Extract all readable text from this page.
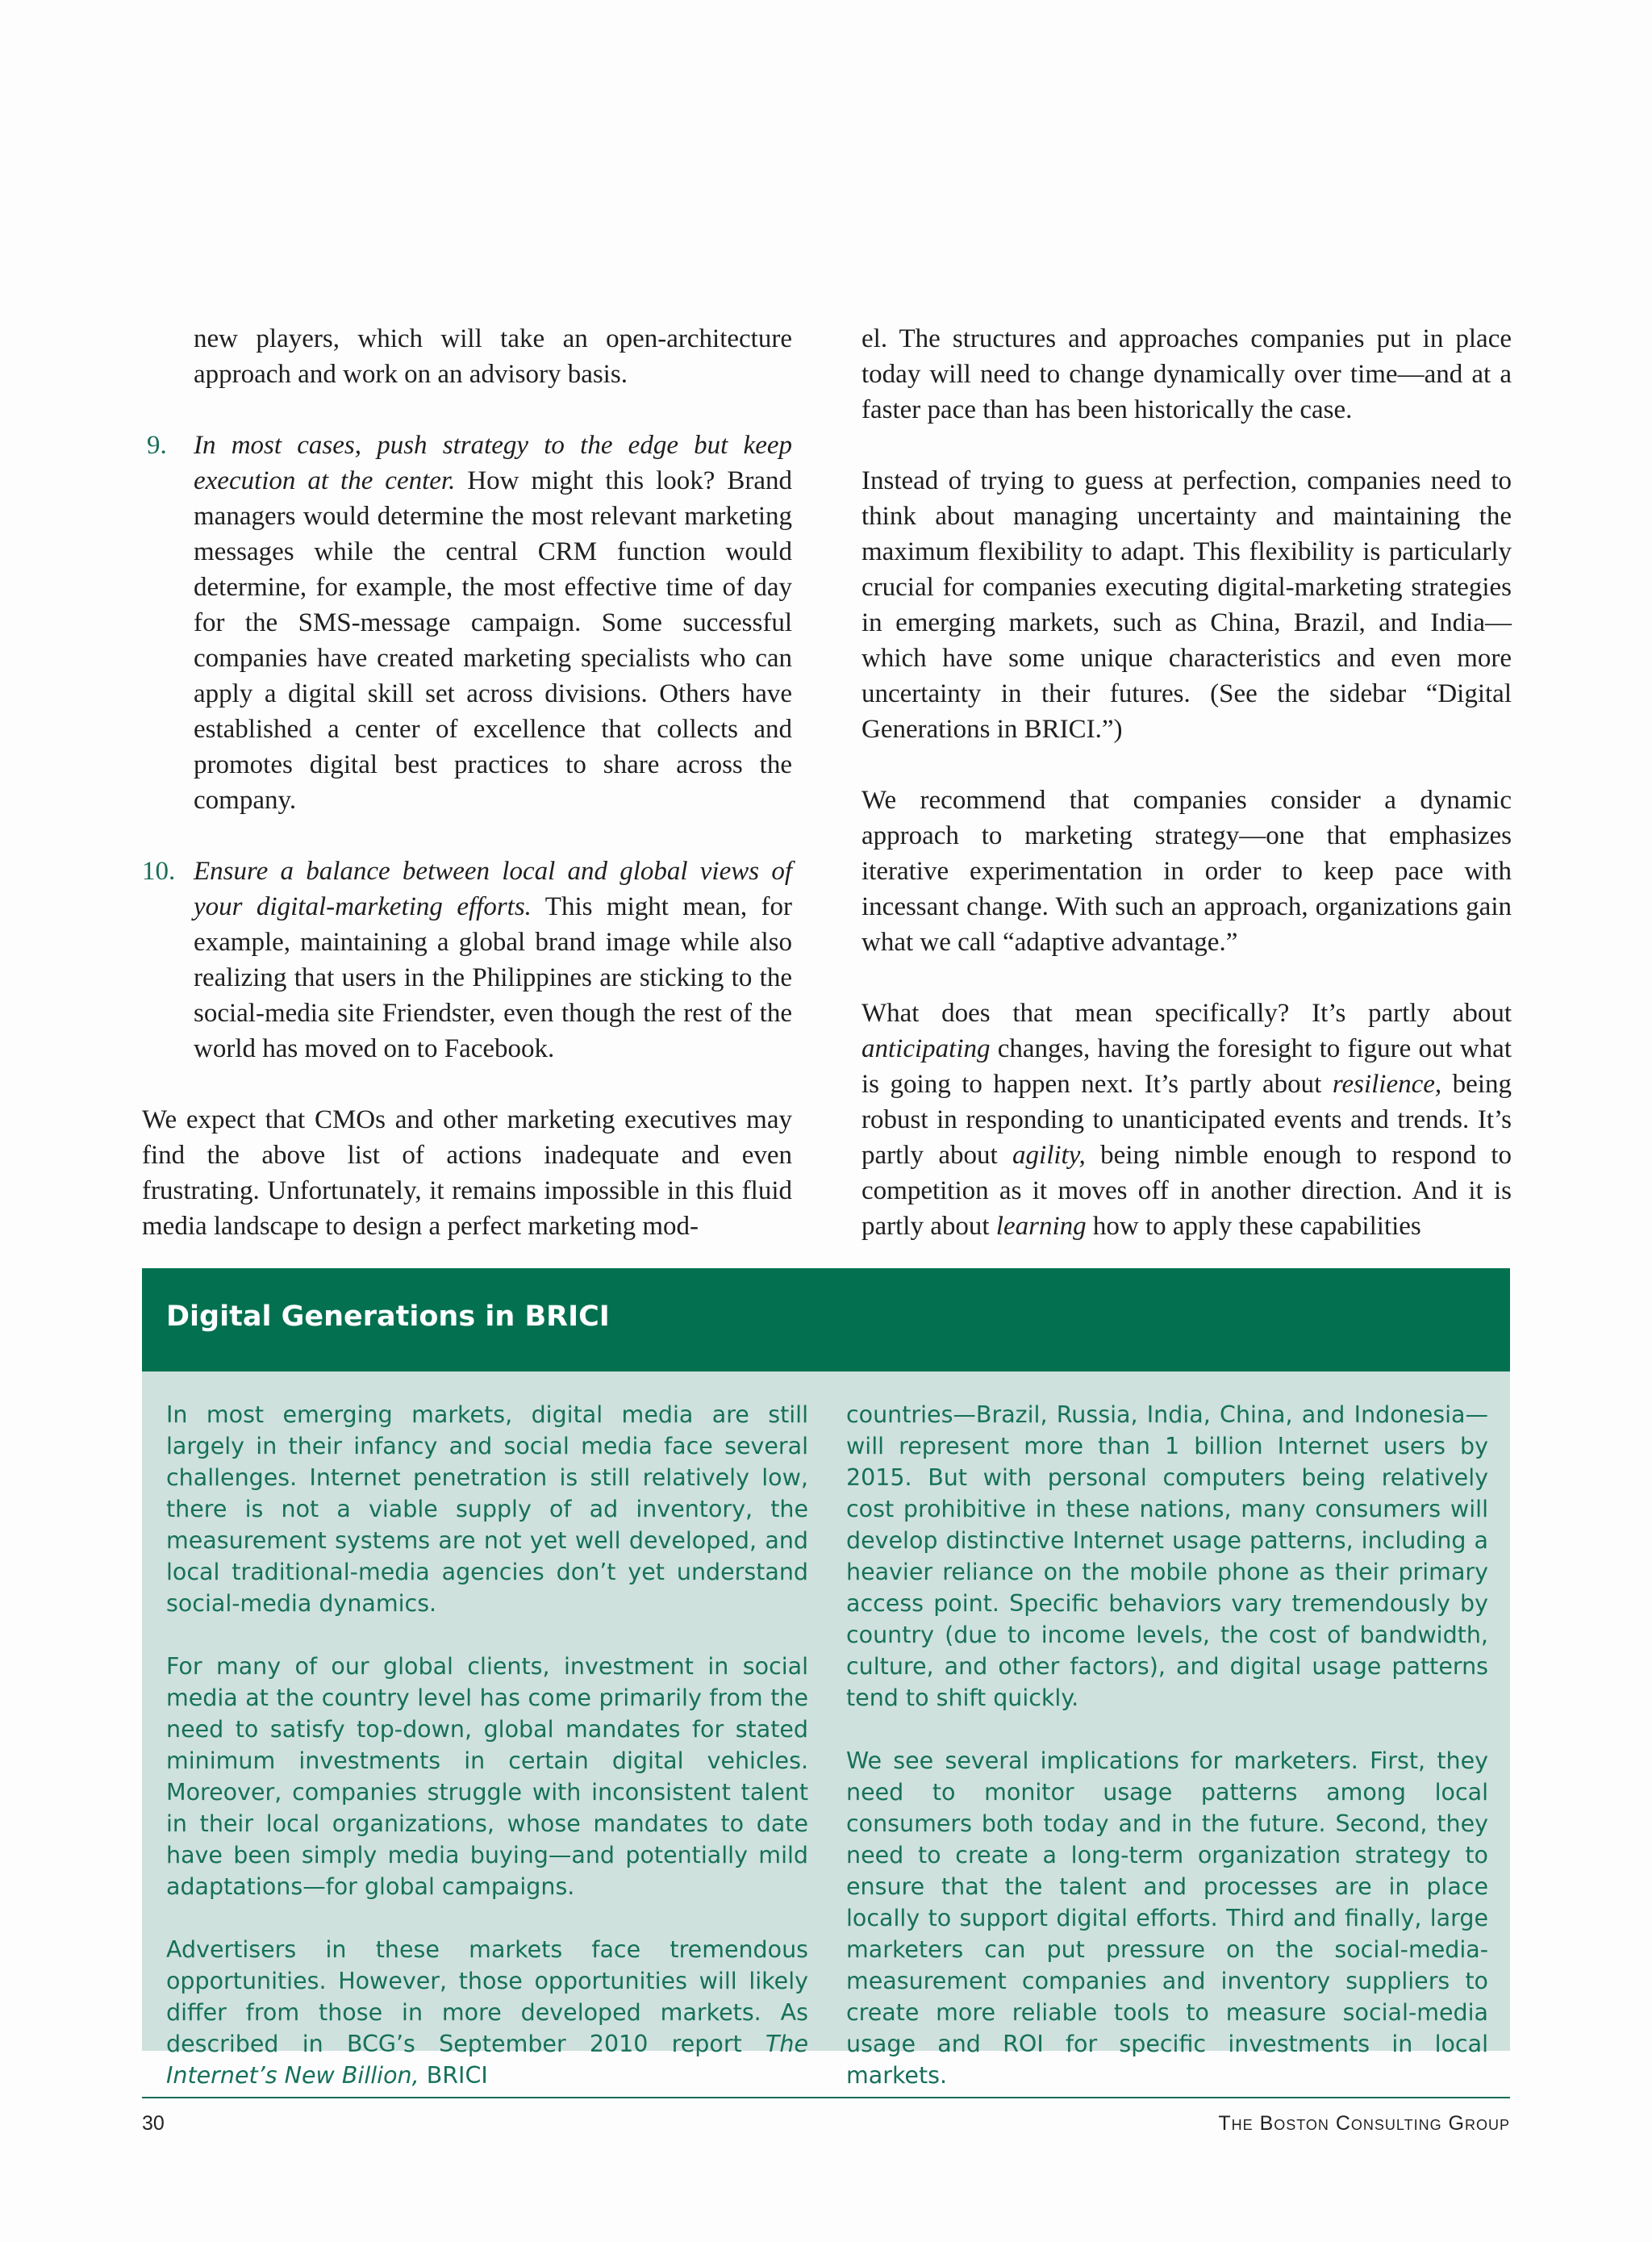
new players, which will take an open-architecture approach and work on an advisory basis.

9. In most cases, push strategy to the edge but keep execution at the center. How might this look? Brand managers would determine the most relevant marketing messages while the central CRM function would determine, for example, the most effective time of day for the SMS-message campaign. Some successful companies have created marketing specialists who can apply a digital skill set across divisions. Others have established a center of excellence that collects and promotes digital best practices to share across the company.
10. Ensure a balance between local and global views of your digital-marketing efforts. This might mean, for example, maintaining a global brand image while also realizing that users in the Philippines are sticking to the social-media site Friendster, even though the rest of the world has moved on to Facebook.

We expect that CMOs and other marketing executives may find the above list of actions inadequate and even frustrating. Unfortunately, it remains impossible in this fluid media landscape to design a perfect marketing mod-

el. The structures and approaches companies put in place today will need to change dynamically over time—and at a faster pace than has been historically the case.

Instead of trying to guess at perfection, companies need to think about managing uncertainty and maintaining the maximum flexibility to adapt. This flexibility is particularly crucial for companies executing digital-marketing strategies in emerging markets, such as China, Brazil, and India—which have some unique characteristics and even more uncertainty in their futures. (See the sidebar “Digital Generations in BRICI.”)

We recommend that companies consider a dynamic approach to marketing strategy—one that emphasizes iterative experimentation in order to keep pace with incessant change. With such an approach, organizations gain what we call “adaptive advantage.”

What does that mean specifically? It’s partly about anticipating changes, having the foresight to figure out what is going to happen next. It’s partly about resilience, being robust in responding to unanticipated events and trends. It’s partly about agility, being nimble enough to respond to competition as it moves off in another direction. And it is partly about learning how to apply these capabilities

Digital Generations in BRICI

In most emerging markets, digital media are still largely in their infancy and social media face several challenges. Internet penetration is still relatively low, there is not a viable supply of ad inventory, the measurement systems are not yet well developed, and local traditional-media agencies don’t yet understand social-media dynamics.

For many of our global clients, investment in social media at the country level has come primarily from the need to satisfy top-down, global mandates for stated minimum investments in certain digital vehicles. Moreover, companies struggle with inconsistent talent in their local organizations, whose mandates to date have been simply media buying—and potentially mild adaptations—for global campaigns.

Advertisers in these markets face tremendous opportunities. However, those opportunities will likely differ from those in more developed markets. As described in BCG’s September 2010 report The Internet’s New Billion, BRICI

countries—Brazil, Russia, India, China, and Indonesia—will represent more than 1 billion Internet users by 2015. But with personal computers being relatively cost prohibitive in these nations, many consumers will develop distinctive Internet usage patterns, including a heavier reliance on the mobile phone as their primary access point. Specific behaviors vary tremendously by country (due to income levels, the cost of bandwidth, culture, and other factors), and digital usage patterns tend to shift quickly.

We see several implications for marketers. First, they need to monitor usage patterns among local consumers both today and in the future. Second, they need to create a long-term organization strategy to ensure that the talent and processes are in place locally to support digital efforts. Third and finally, large marketers can put pressure on the social-media-measurement companies and inventory suppliers to create more reliable tools to measure social-media usage and ROI for specific investments in local markets.

30	The Boston Consulting Group
